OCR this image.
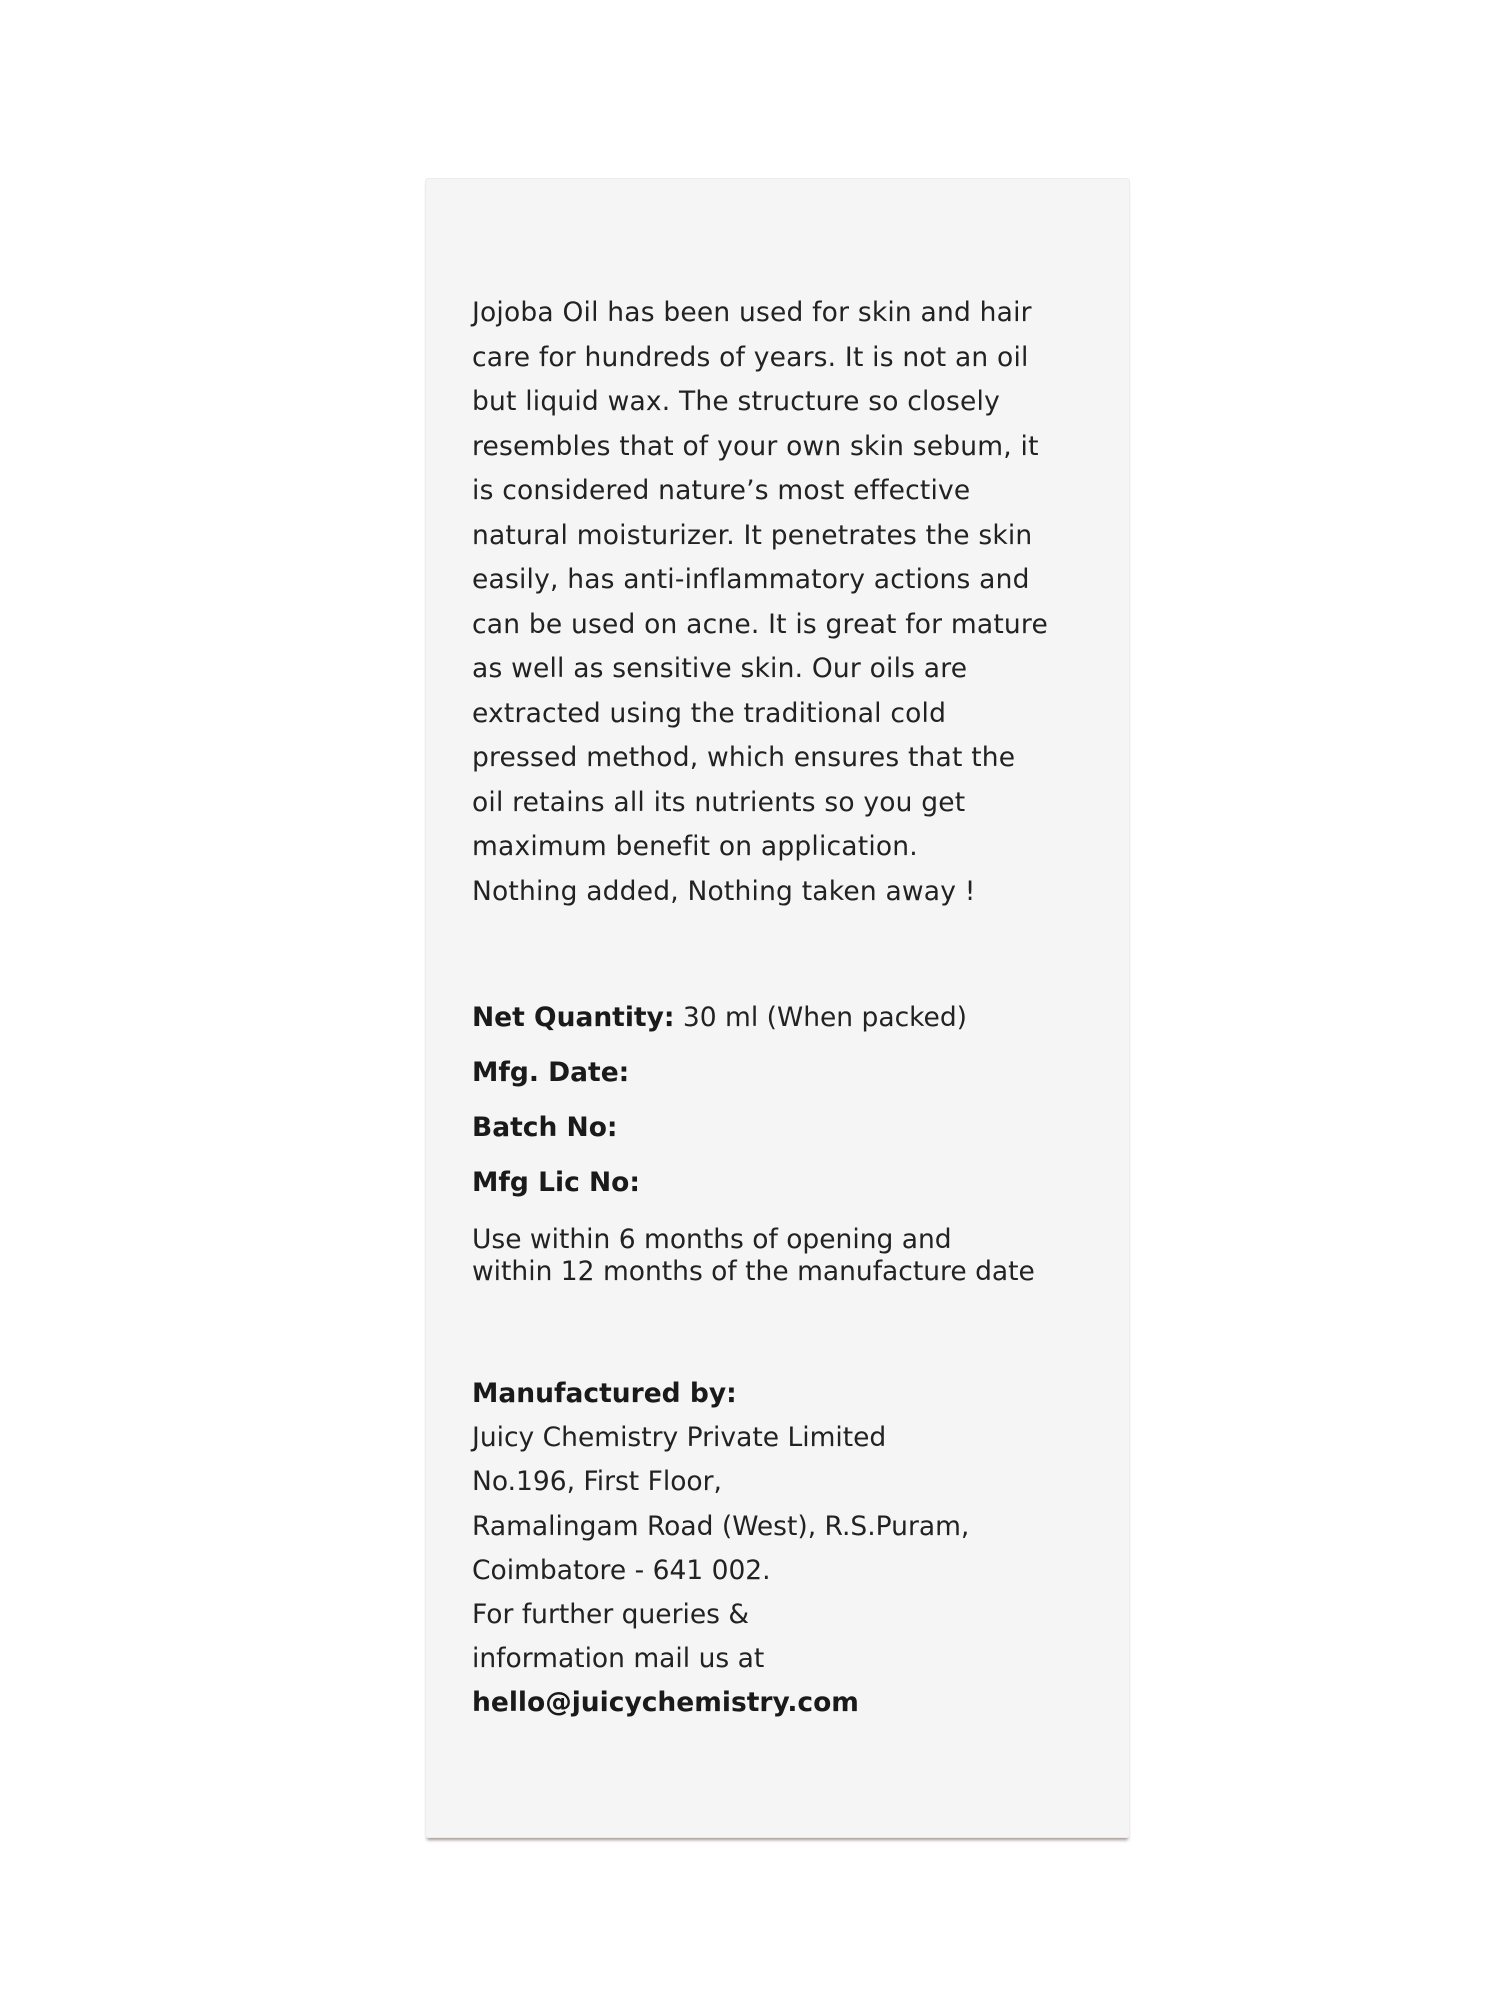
Jojoba Oil has been used for skin and hair
care for hundreds of years. It is not an oil
but liquid wax. The structure so closely
resembles that of your own skin sebum, it
is considered nature’s most effective
natural moisturizer. It penetrates the skin
easily, has anti-inflammatory actions and
can be used on acne. It is great for mature
as well as sensitive skin. Our oils are
extracted using the traditional cold
pressed method, which ensures that the
oil retains all its nutrients so you get
maximum benefit on application.
Nothing added, Nothing taken away !

Net Quantity: 30 ml (When packed)
Mfg. Date:
Batch No:
Mfg Lic No:
Use within 6 months of opening and
within 12 months of the manufacture date
Manufactured by:
Juicy Chemistry Private Limited
No.196, First Floor,
Ramalingam Road (West), R.S.Puram,
Coimbatore - 641 002.
For further queries &
information mail us at
hello@juicychemistry.com
